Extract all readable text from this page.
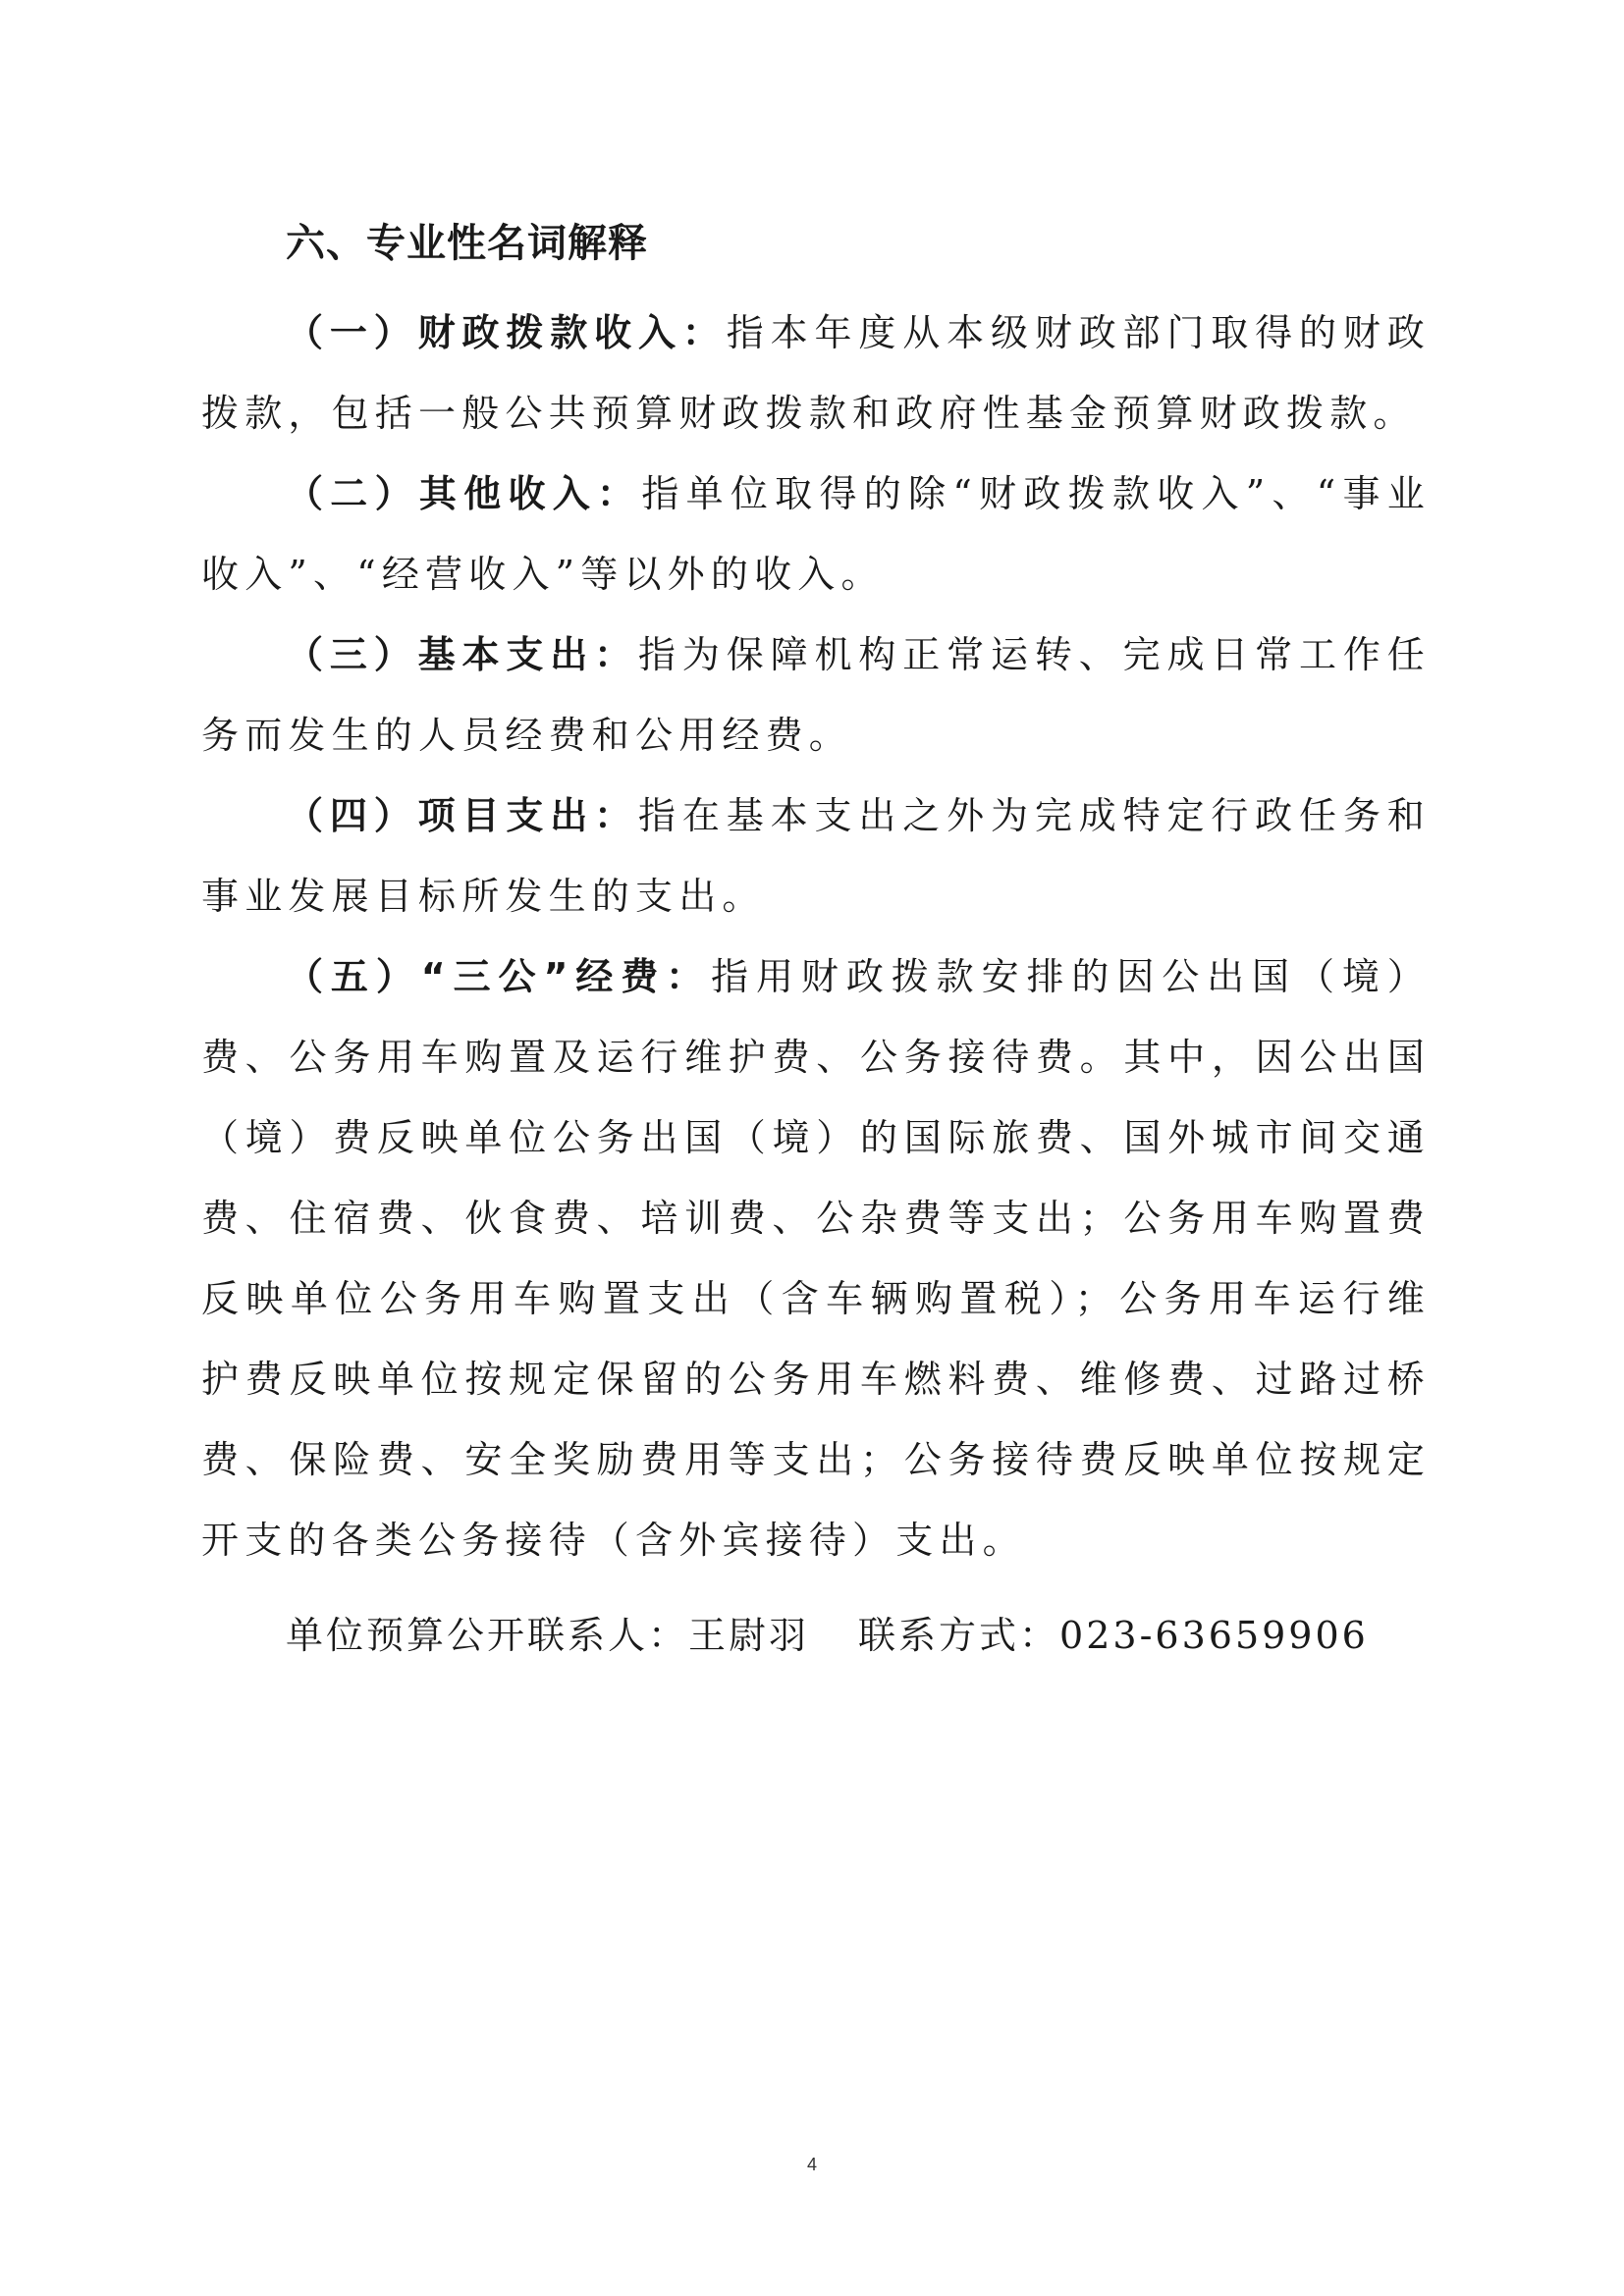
六、专业性名词解释

（一）财政拨款收入：指本年度从本级财政部门取得的财政拨款，包括一般公共预算财政拨款和政府性基金预算财政拨款。

（二）其他收入：指单位取得的除“财政拨款收入”、“事业收入”、“经营收入”等以外的收入。

（三）基本支出：指为保障机构正常运转、完成日常工作任务而发生的人员经费和公用经费。

（四）项目支出：指在基本支出之外为完成特定行政任务和事业发展目标所发生的支出。

（五）“三公”经费：指用财政拨款安排的因公出国（境）费、公务用车购置及运行维护费、公务接待费。其中，因公出国（境）费反映单位公务出国（境）的国际旅费、国外城市间交通费、住宿费、伙食费、培训费、公杂费等支出；公务用车购置费反映单位公务用车购置支出（含车辆购置税）；公务用车运行维护费反映单位按规定保留的公务用车燃料费、维修费、过路过桥费、保险费、安全奖励费用等支出；公务接待费反映单位按规定开支的各类公务接待（含外宾接待）支出。

单位预算公开联系人：王尉羽 联系方式：023-63659906
4
